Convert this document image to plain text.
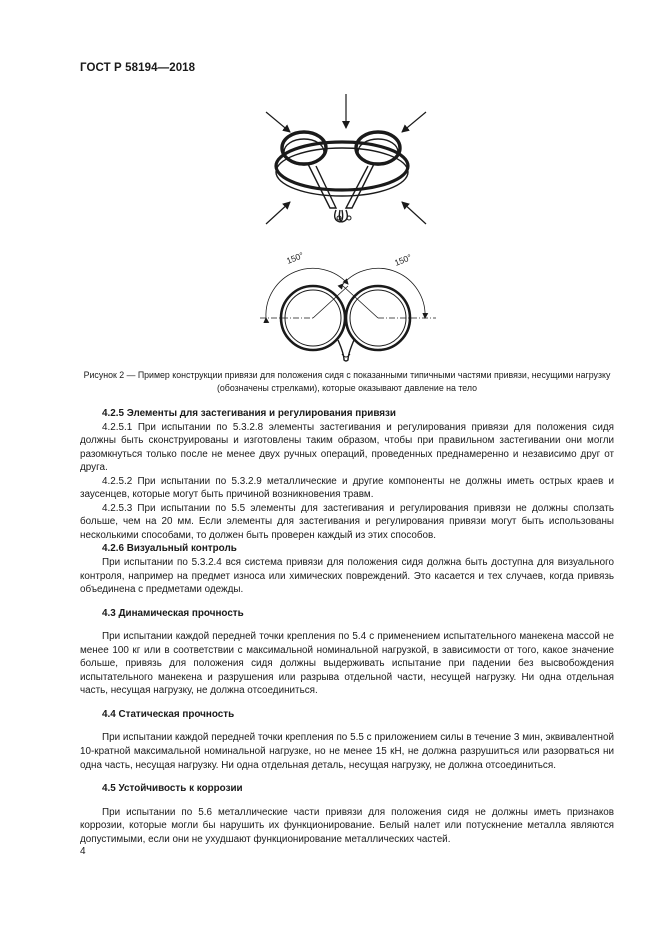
ГОСТ Р 58194—2018
150°	150°
Рисунок 2 — Пример конструкции привязи для положения сидя с показанными типичными частями привязи, несущими нагрузку (обозначены стрелками), которые оказывают давление на тело
4.2.5 Элементы для застегивания и регулирования привязи

4.2.5.1 При испытании по 5.3.2.8 элементы застегивания и регулирования привязи для положения сидя должны быть сконструированы и изготовлены таким образом, чтобы при правильном застегивании они могли разомкнуться только после не менее двух ручных операций, проведенных преднамеренно и независимо друг от друга.

4.2.5.2 При испытании по 5.3.2.9 металлические и другие компоненты не должны иметь острых краев и заусенцев, которые могут быть причиной возникновения травм.

4.2.5.3 При испытании по 5.5 элементы для застегивания и регулирования привязи не должны сползать больше, чем на 20 мм. Если элементы для застегивания и регулирования привязи могут быть использованы несколькими способами, то должен быть проверен каждый из этих способов.

4.2.6 Визуальный контроль

При испытании по 5.3.2.4 вся система привязи для положения сидя должна быть доступна для визуального контроля, например на предмет износа или химических повреждений. Это касается и тех случаев, когда привязь объединена с предметами одежды.

4.3 Динамическая прочность

При испытании каждой передней точки крепления по 5.4 с применением испытательного манекена массой не менее 100 кг или в соответствии с максимальной номинальной нагрузкой, в зависимости от того, какое значение больше, привязь для положения сидя должны выдерживать испытание при падении без высвобождения испытательного манекена и разрушения или разрыва отдельной части, несущей нагрузку. Ни одна отдельная часть, несущая нагрузку, не должна отсоединиться.

4.4 Статическая прочность

При испытании каждой передней точки крепления по 5.5 с приложением силы в течение 3 мин, эквивалентной 10-кратной максимальной номинальной нагрузке, но не менее 15 кН, не должна разрушиться или разорваться ни одна часть, несущая нагрузку. Ни одна отдельная деталь, несущая нагрузку, не должна отсоединиться.

4.5 Устойчивость к коррозии

При испытании по 5.6 металлические части привязи для положения сидя не должны иметь признаков коррозии, которые могли бы нарушить их функционирование. Белый налет или потускнение металла являются допустимыми, если они не ухудшают функционирование металлических частей.

4
